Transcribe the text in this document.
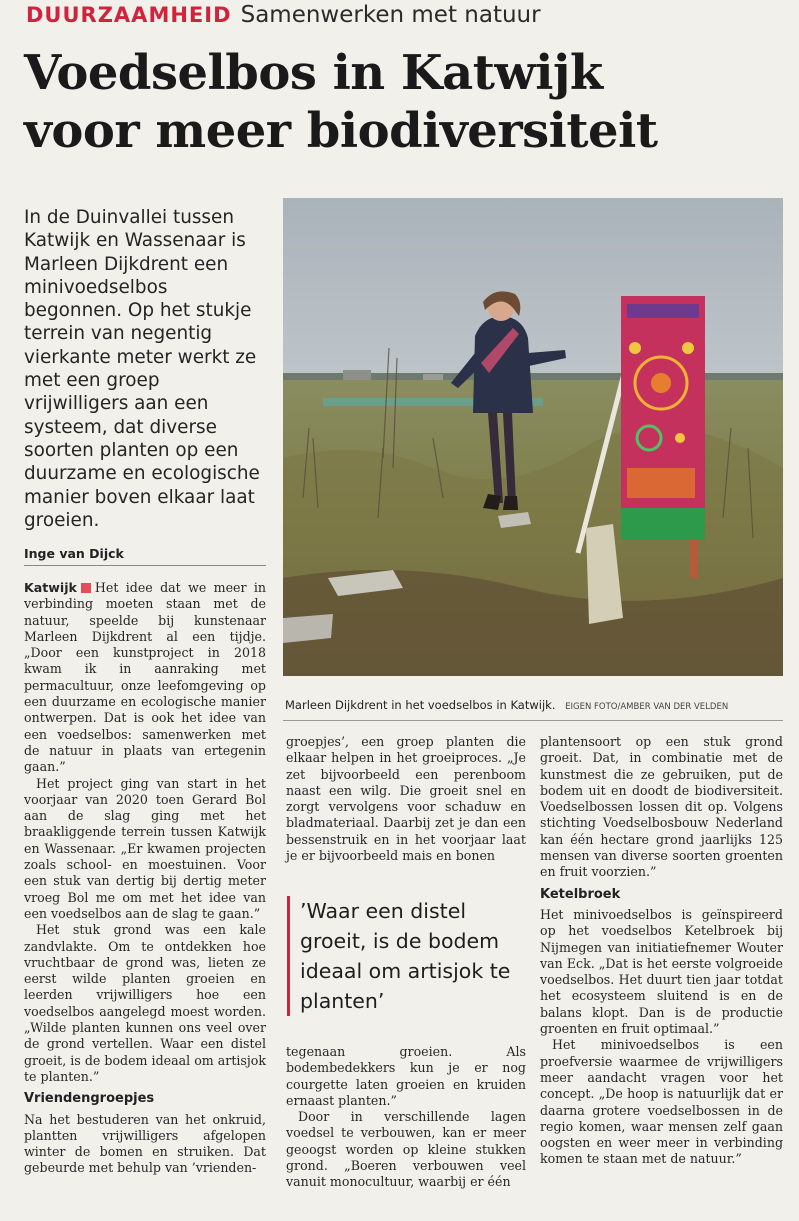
DUURZAAMHEID Samenwerken met natuur
Voedselbos in Katwijk
voor meer biodiversiteit
In de Duinvallei tussen Katwijk en Wassenaar is Marleen Dijkdrent een minivoedselbos begonnen. Op het stukje terrein van negentig vierkante meter werkt ze met een groep vrijwilligers aan een systeem, dat diverse soorten planten op een duurzame en ecologische manier boven elkaar laat groeien.
Inge van Dijck

Katwijk Het idee dat we meer in verbinding moeten staan met de natuur, speelde bij kunstenaar Marleen Dijkdrent al een tijdje. „Door een kunstproject in 2018 kwam ik in aanraking met permacultuur, onze leefomgeving op een duurzame en ecologische manier ontwerpen. Dat is ook het idee van een voedselbos: samenwerken met de natuur in plaats van ertegenin gaan.”

Het project ging van start in het voorjaar van 2020 toen Gerard Bol aan de slag ging met het braakliggende terrein tussen Katwijk en Wassenaar. „Er kwamen projecten zoals school- en moestuinen. Voor een stuk van dertig bij dertig meter vroeg Bol me om met het idee van een voedselbos aan de slag te gaan.”

Het stuk grond was een kale zandvlakte. Om te ontdekken hoe vruchtbaar de grond was, lieten ze eerst wilde planten groeien en leerden vrijwilligers hoe een voedselbos aangelegd moest worden. „Wilde planten kunnen ons veel over de grond vertellen. Waar een distel groeit, is de bodem ideaal om artisjok te planten.”

Vriendengroepjes

Na het bestuderen van het onkruid, plantten vrijwilligers afgelopen winter de bomen en struiken. Dat gebeurde met behulp van ’vrienden-

Marleen Dijkdrent in het voedselbos in Katwijk. EIGEN FOTO/AMBER VAN DER VELDEN

groepjes’, een groep planten die elkaar helpen in het groeiproces. „Je zet bijvoorbeeld een perenboom naast een wilg. Die groeit snel en zorgt vervolgens voor schaduw en bladmateriaal. Daarbij zet je dan een bessenstruik en in het voorjaar laat je er bijvoorbeeld mais en bonen

’Waar een distel groeit, is de bodem ideaal om artisjok te planten’

tegenaan groeien. Als bodembedekkers kun je er nog courgette laten groeien en kruiden ernaast planten.”

Door in verschillende lagen voedsel te verbouwen, kan er meer geoogst worden op kleine stukken grond. „Boeren verbouwen veel vanuit monocultuur, waarbij er één

plantensoort op een stuk grond groeit. Dat, in combinatie met de kunstmest die ze gebruiken, put de bodem uit en doodt de biodiversiteit. Voedselbossen lossen dit op. Volgens stichting Voedselbosbouw Nederland kan één hectare grond jaarlijks 125 mensen van diverse soorten groenten en fruit voorzien.”

Ketelbroek

Het minivoedselbos is geïnspireerd op het voedselbos Ketelbroek bij Nijmegen van initiatiefnemer Wouter van Eck. „Dat is het eerste volgroeide voedselbos. Het duurt tien jaar totdat het ecosysteem sluitend is en de balans klopt. Dan is de productie groenten en fruit optimaal.”

Het minivoedselbos is een proefversie waarmee de vrijwilligers meer aandacht vragen voor het concept. „De hoop is natuurlijk dat er daarna grotere voedselbossen in de regio komen, waar mensen zelf gaan oogsten en weer meer in verbinding komen te staan met de natuur.”
